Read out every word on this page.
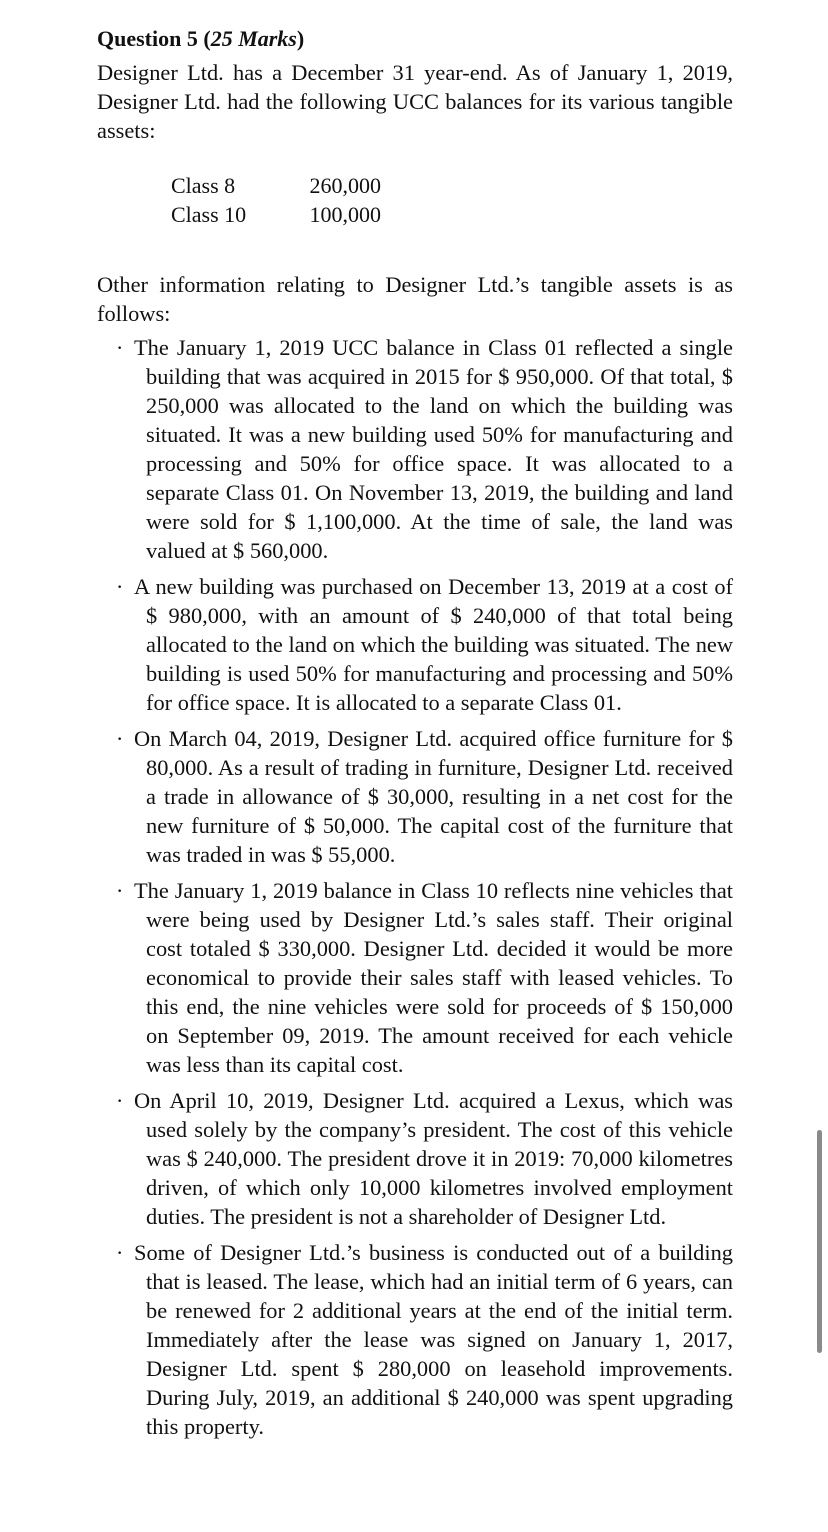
Question 5 (25 Marks)

Designer Ltd. has a December 31 year-end. As of January 1, 2019, Designer Ltd. had the following UCC balances for its various tangible assets:

Class 8	260,000
Class 10	100,000

Other information relating to Designer Ltd.’s tangible assets is as follows:

· The January 1, 2019 UCC balance in Class 01 reflected a single building that was acquired in 2015 for $ 950,000. Of that total, $ 250,000 was allocated to the land on which the building was situated. It was a new building used 50% for manufacturing and processing and 50% for office space. It was allocated to a separate Class 01. On November 13, 2019, the building and land were sold for $ 1,100,000. At the time of sale, the land was valued at $ 560,000.
· A new building was purchased on December 13, 2019 at a cost of $ 980,000, with an amount of $ 240,000 of that total being allocated to the land on which the building was situated. The new building is used 50% for manufacturing and processing and 50% for office space. It is allocated to a separate Class 01.
· On March 04, 2019, Designer Ltd. acquired office furniture for $ 80,000. As a result of trading in furniture, Designer Ltd. received a trade in allowance of $ 30,000, resulting in a net cost for the new furniture of $ 50,000. The capital cost of the furniture that was traded in was $ 55,000.
· The January 1, 2019 balance in Class 10 reflects nine vehicles that were being used by Designer Ltd.’s sales staff. Their original cost totaled $ 330,000. Designer Ltd. decided it would be more economical to provide their sales staff with leased vehicles. To this end, the nine vehicles were sold for proceeds of $ 150,000 on September 09, 2019. The amount received for each vehicle was less than its capital cost.
· On April 10, 2019, Designer Ltd. acquired a Lexus, which was used solely by the company’s president. The cost of this vehicle was $ 240,000. The president drove it in 2019: 70,000 kilometres driven, of which only 10,000 kilometres involved employment duties. The president is not a shareholder of Designer Ltd.
· Some of Designer Ltd.’s business is conducted out of a building that is leased. The lease, which had an initial term of 6 years, can be renewed for 2 additional years at the end of the initial term. Immediately after the lease was signed on January 1, 2017, Designer Ltd. spent $ 280,000 on leasehold improvements. During July, 2019, an additional $ 240,000 was spent upgrading this property.
